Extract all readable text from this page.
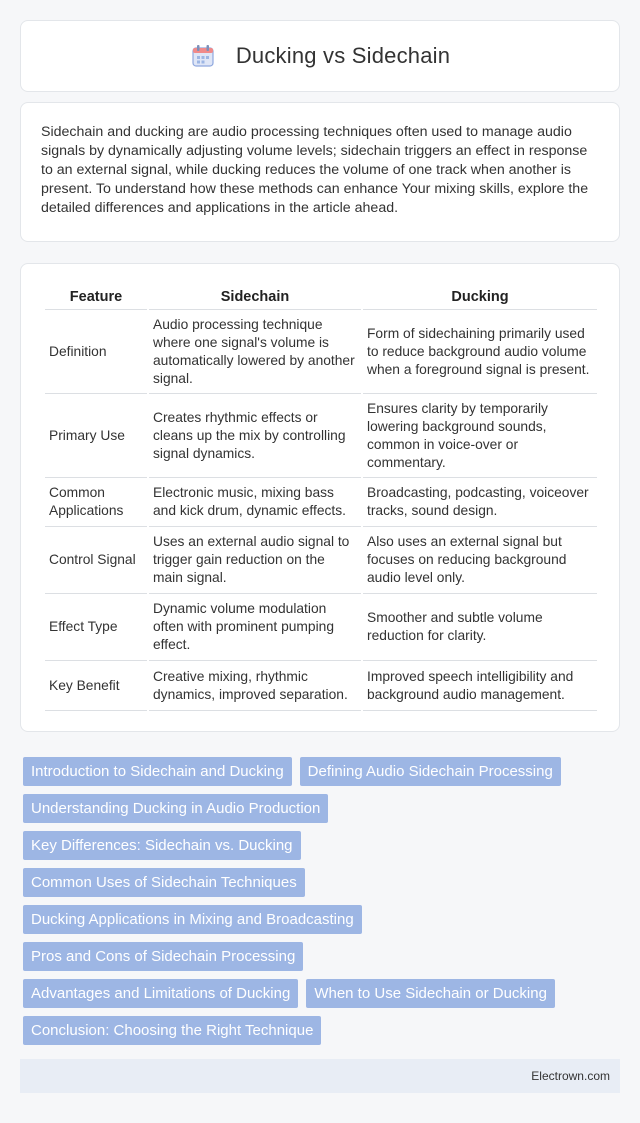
Ducking vs Sidechain

Sidechain and ducking are audio processing techniques often used to manage audio signals by dynamically adjusting volume levels; sidechain triggers an effect in response to an external signal, while ducking reduces the volume of one track when another is present. To understand how these methods can enhance Your mixing skills, explore the detailed differences and applications in the article ahead.

Feature	Sidechain	Ducking
Definition	Audio processing technique where one signal's volume is automatically lowered by another signal.	Form of sidechaining primarily used to reduce background audio volume when a foreground signal is present.
Primary Use	Creates rhythmic effects or cleans up the mix by controlling signal dynamics.	Ensures clarity by temporarily lowering background sounds, common in voice-over or commentary.
Common Applications	Electronic music, mixing bass and kick drum, dynamic effects.	Broadcasting, podcasting, voiceover tracks, sound design.
Control Signal	Uses an external audio signal to trigger gain reduction on the main signal.	Also uses an external signal but focuses on reducing background audio level only.
Effect Type	Dynamic volume modulation often with prominent pumping effect.	Smoother and subtle volume reduction for clarity.
Key Benefit	Creative mixing, rhythmic dynamics, improved separation.	Improved speech intelligibility and background audio management.
Introduction to Sidechain and Ducking	Defining Audio Sidechain Processing
Understanding Ducking in Audio Production
Key Differences: Sidechain vs. Ducking
Common Uses of Sidechain Techniques
Ducking Applications in Mixing and Broadcasting
Pros and Cons of Sidechain Processing
Advantages and Limitations of Ducking	When to Use Sidechain or Ducking
Conclusion: Choosing the Right Technique
Electrown.com
